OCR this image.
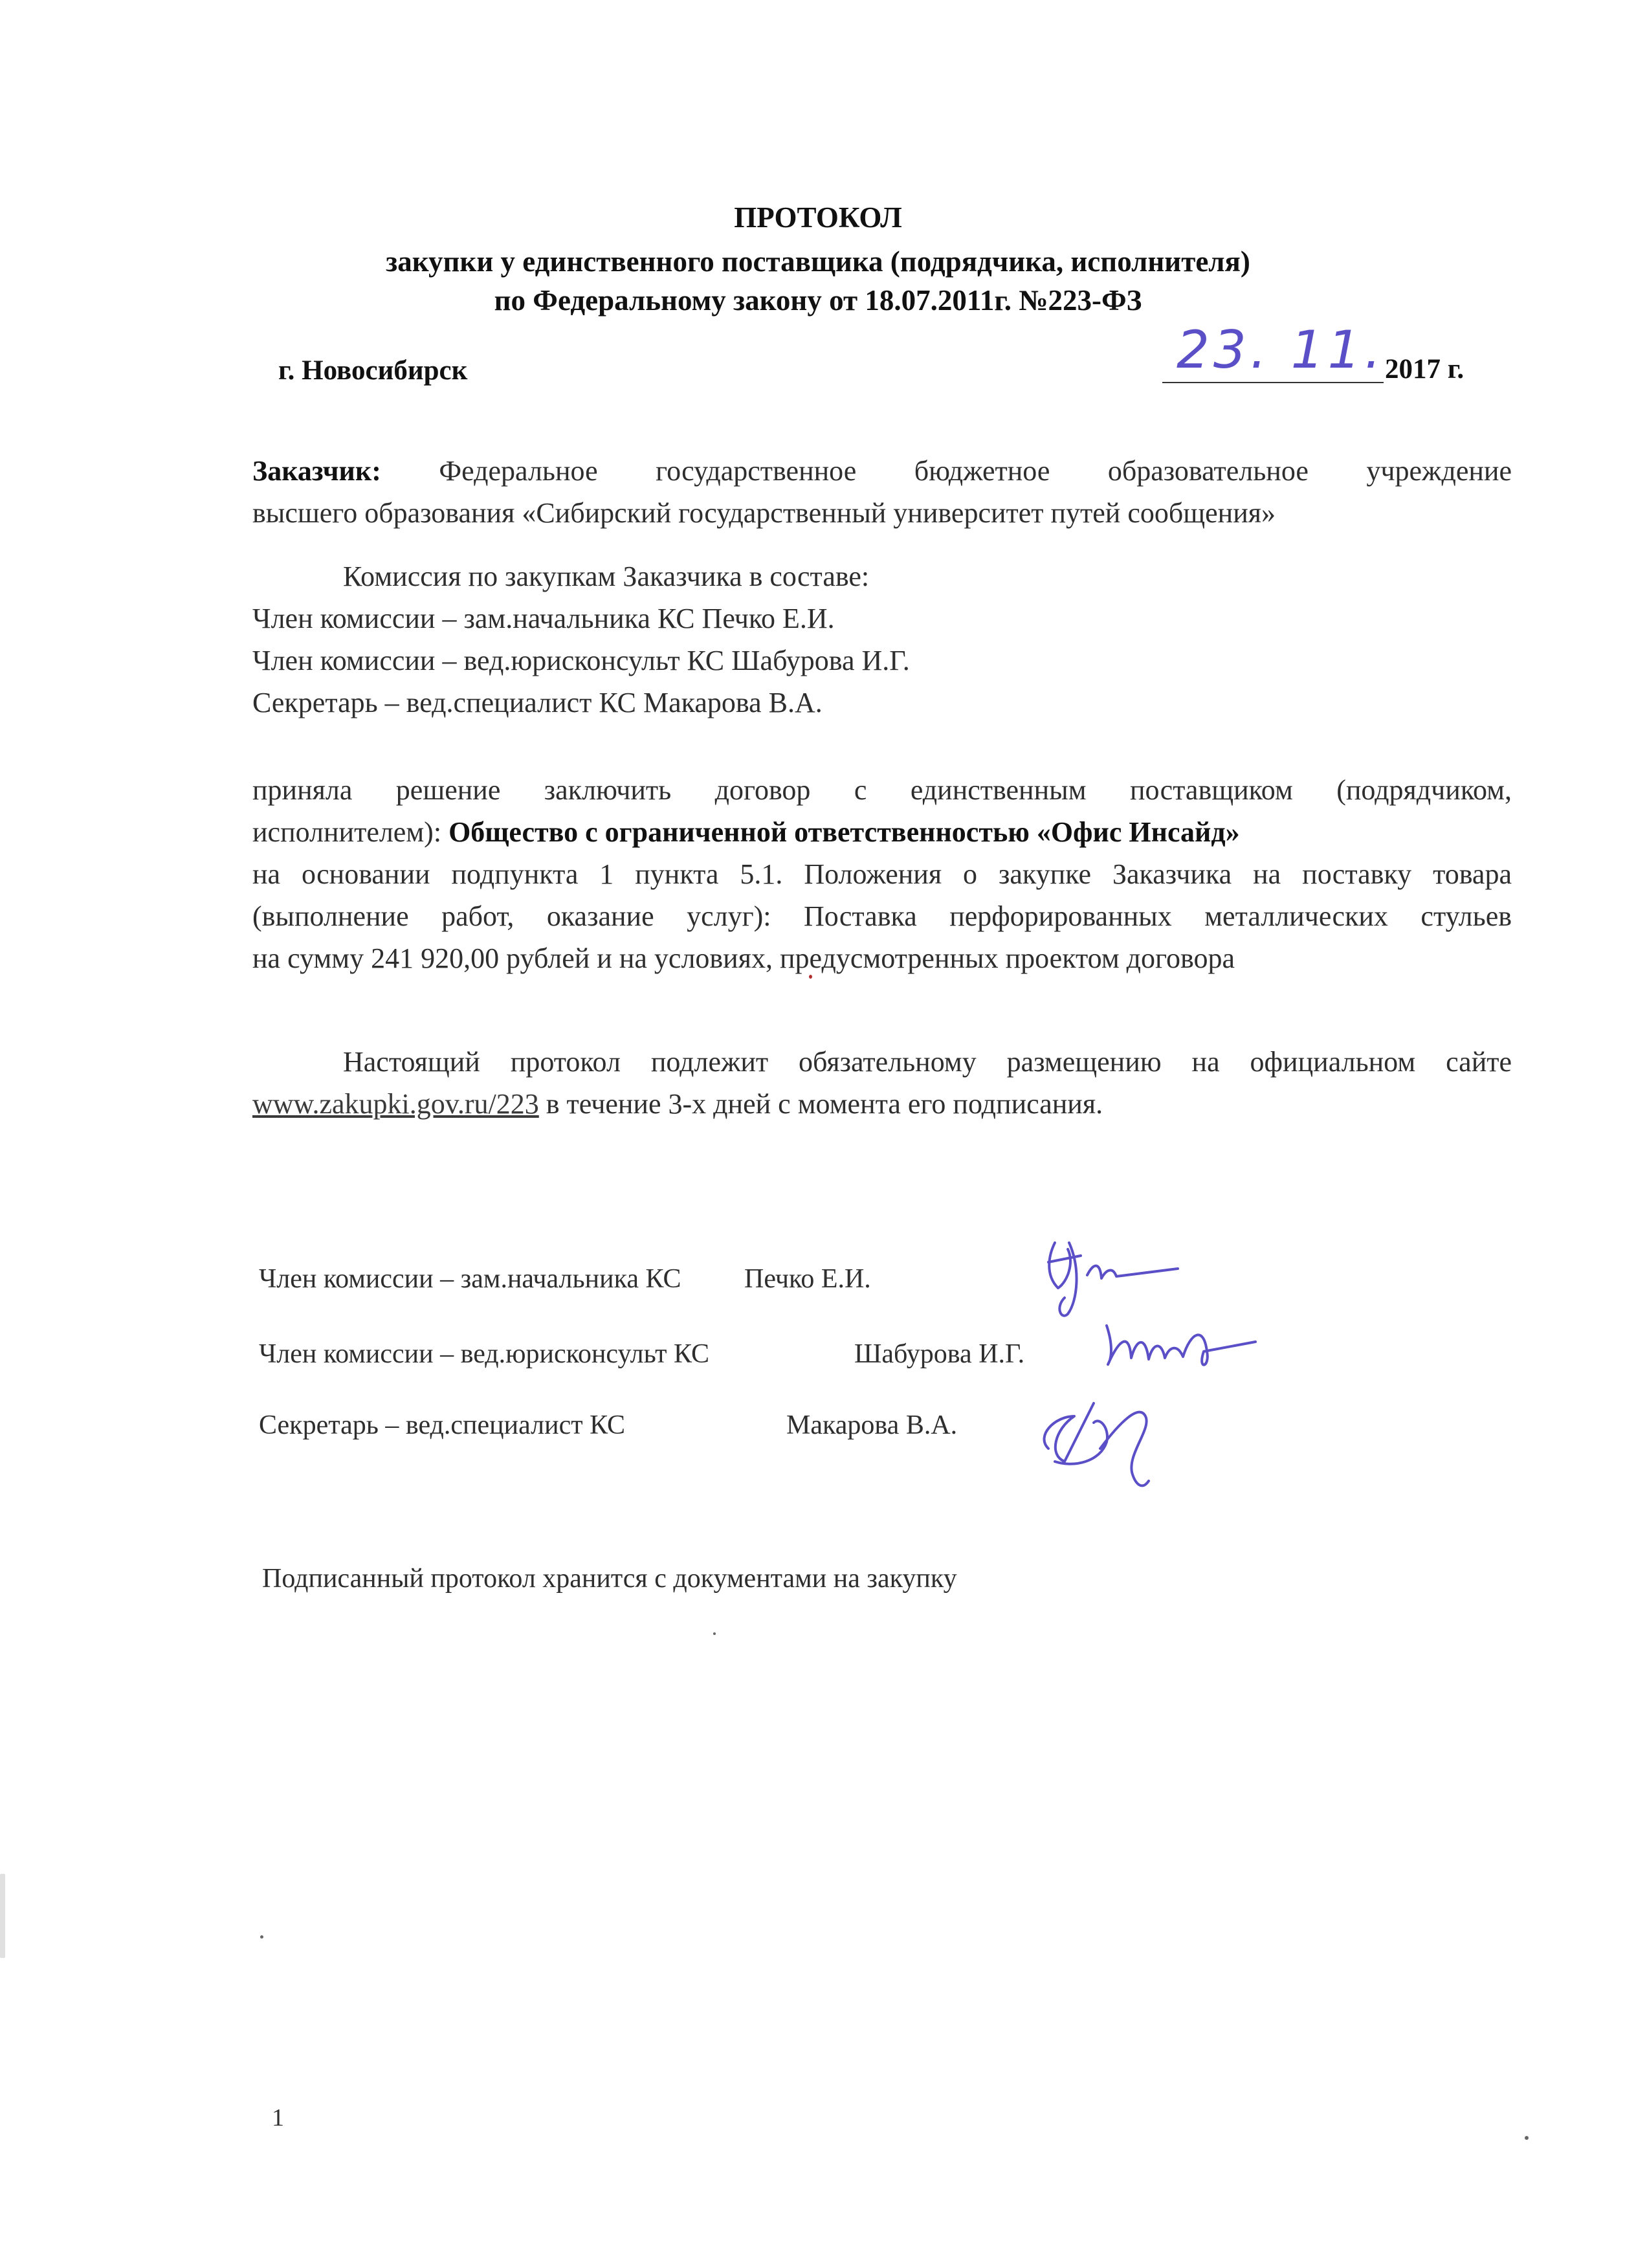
ПРОТОКОЛ
закупки у единственного поставщика (подрядчика, исполнителя)
по Федеральному закону от 18.07.2011г. №223-ФЗ
г. Новосибирск	23. 11. 2017 г.
Заказчик: Федеральное государственное бюджетное образовательное учреждение
высшего образования «Сибирский государственный университет путей сообщения»
Комиссия по закупкам Заказчика в составе:
Член комиссии – зам.начальника КС Печко Е.И.
Член комиссии – вед.юрисконсульт КС Шабурова И.Г.
Секретарь – вед.специалист КС Макарова В.А.
приняла решение заключить договор с единственным поставщиком (подрядчиком,
исполнителем): Общество с ограниченной ответственностью «Офис Инсайд»
на основании подпункта 1 пункта 5.1. Положения о закупке Заказчика на поставку товара
(выполнение работ, оказание услуг): Поставка перфорированных металлических стульев
на сумму 241 920,00 рублей и на условиях, предусмотренных проектом договора
Настоящий протокол подлежит обязательному размещению на официальном сайте
www.zakupki.gov.ru/223 в течение 3-х дней с момента его подписания.
Член комиссии – зам.начальника КС Печко Е.И.
Член комиссии – вед.юрисконсульт КС	Шабурова И.Г.
Секретарь – вед.специалист КС	Макарова В.А.
Подписанный протокол хранится с документами на закупку
1
